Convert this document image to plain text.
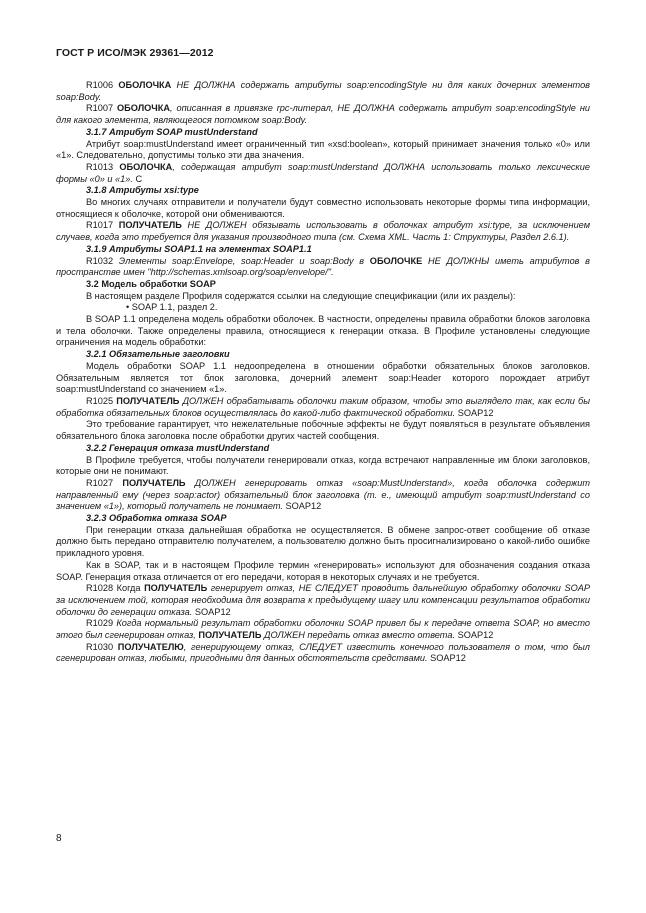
ГОСТ Р ИСО/МЭК 29361—2012

R1006 ОБОЛОЧКА НЕ ДОЛЖНА содержать атрибуты soap:encodingStyle ни для каких дочерних элементов soap:Body.

R1007 ОБОЛОЧКА, описанная в привязке rpc-литерал, НЕ ДОЛЖНА содержать атрибут soap:encodingStyle ни для какого элемента, являющегося потомком soap:Body.

3.1.7 Атрибут SOAP mustUnderstand

Атрибут soap:mustUnderstand имеет ограниченный тип «xsd:boolean», который принимает значения только «0» или «1». Следовательно, допустимы только эти два значения.

R1013 ОБОЛОЧКА, содержащая атрибут soap:mustUnderstand ДОЛЖНА использовать только лексические формы «0» и «1». C

3.1.8 Атрибуты xsi:type

Во многих случаях отправители и получатели будут совместно использовать некоторые формы типа информации, относящиеся к оболочке, которой они обмениваются.

R1017 ПОЛУЧАТЕЛЬ НЕ ДОЛЖЕН обязывать использовать в оболочках атрибут xsi:type, за исключением случаев, когда это требуется для указания производного типа (см. Схема XML. Часть 1: Структуры, Раздел 2.6.1).

3.1.9 Атрибуты SOAP1.1 на элементах SOAP1.1

R1032 Элементы soap:Envelope, soap:Header и soap:Body в ОБОЛОЧКЕ НЕ ДОЛЖНЫ иметь атрибутов в пространстве имен "http://schemas.xmlsoap.org/soap/envelope/".

3.2 Модель обработки SOAP

В настоящем разделе Профиля содержатся ссылки на следующие спецификации (или их разделы):

• SOAP 1.1, раздел 2.

В SOAP 1.1 определена модель обработки оболочек. В частности, определены правила обработки блоков заголовка и тела оболочки. Также определены правила, относящиеся к генерации отказа. В Профиле установлены следующие ограничения на модель обработки:

3.2.1 Обязательные заголовки

Модель обработки SOAP 1.1 недоопределена в отношении обработки обязательных блоков заголовков. Обязательным является тот блок заголовка, дочерний элемент soap:Header которого порождает атрибут soap:mustUnderstand со значением «1».

R1025 ПОЛУЧАТЕЛЬ ДОЛЖЕН обрабатывать оболочки таким образом, чтобы это выглядело так, как если бы обработка обязательных блоков осуществлялась до какой-либо фактической обработки. SOAP12

Это требование гарантирует, что нежелательные побочные эффекты не будут появляться в результате объявления обязательного блока заголовка после обработки других частей сообщения.

3.2.2 Генерация отказа mustUnderstand

В Профиле требуется, чтобы получатели генерировали отказ, когда встречают направленные им блоки заголовков, которые они не понимают.

R1027 ПОЛУЧАТЕЛЬ ДОЛЖЕН генерировать отказ «soap:MustUnderstand», когда оболочка содержит направленный ему (через soap:actor) обязательный блок заголовка (т. е., имеющий атрибут soap:mustUnderstand со значением «1»), который получатель не понимает. SOAP12

3.2.3 Обработка отказа SOAP

При генерации отказа дальнейшая обработка не осуществляется. В обмене запрос-ответ сообщение об отказе должно быть передано отправителю получателем, а пользователю должно быть просигнализировано о какой-либо ошибке прикладного уровня.

Как в SOAP, так и в настоящем Профиле термин «генерировать» используют для обозначения создания отказа SOAP. Генерация отказа отличается от его передачи, которая в некоторых случаях и не требуется.

R1028 Когда ПОЛУЧАТЕЛЬ генерирует отказ, НЕ СЛЕДУЕТ проводить дальнейшую обработку оболочки SOAP за исключением той, которая необходима для возврата к предыдущему шагу или компенсации результатов обработки оболочки до генерации отказа. SOAP12

R1029 Когда нормальный результат обработки оболочки SOAP привел бы к передаче ответа SOAP, но вместо этого был сгенерирован отказ, ПОЛУЧАТЕЛЬ ДОЛЖЕН передать отказ вместо ответа. SOAP12

R1030 ПОЛУЧАТЕЛЮ, генерирующему отказ, СЛЕДУЕТ известить конечного пользователя о том, что был сгенерирован отказ, любыми, пригодными для данных обстоятельств средствами. SOAP12

8
